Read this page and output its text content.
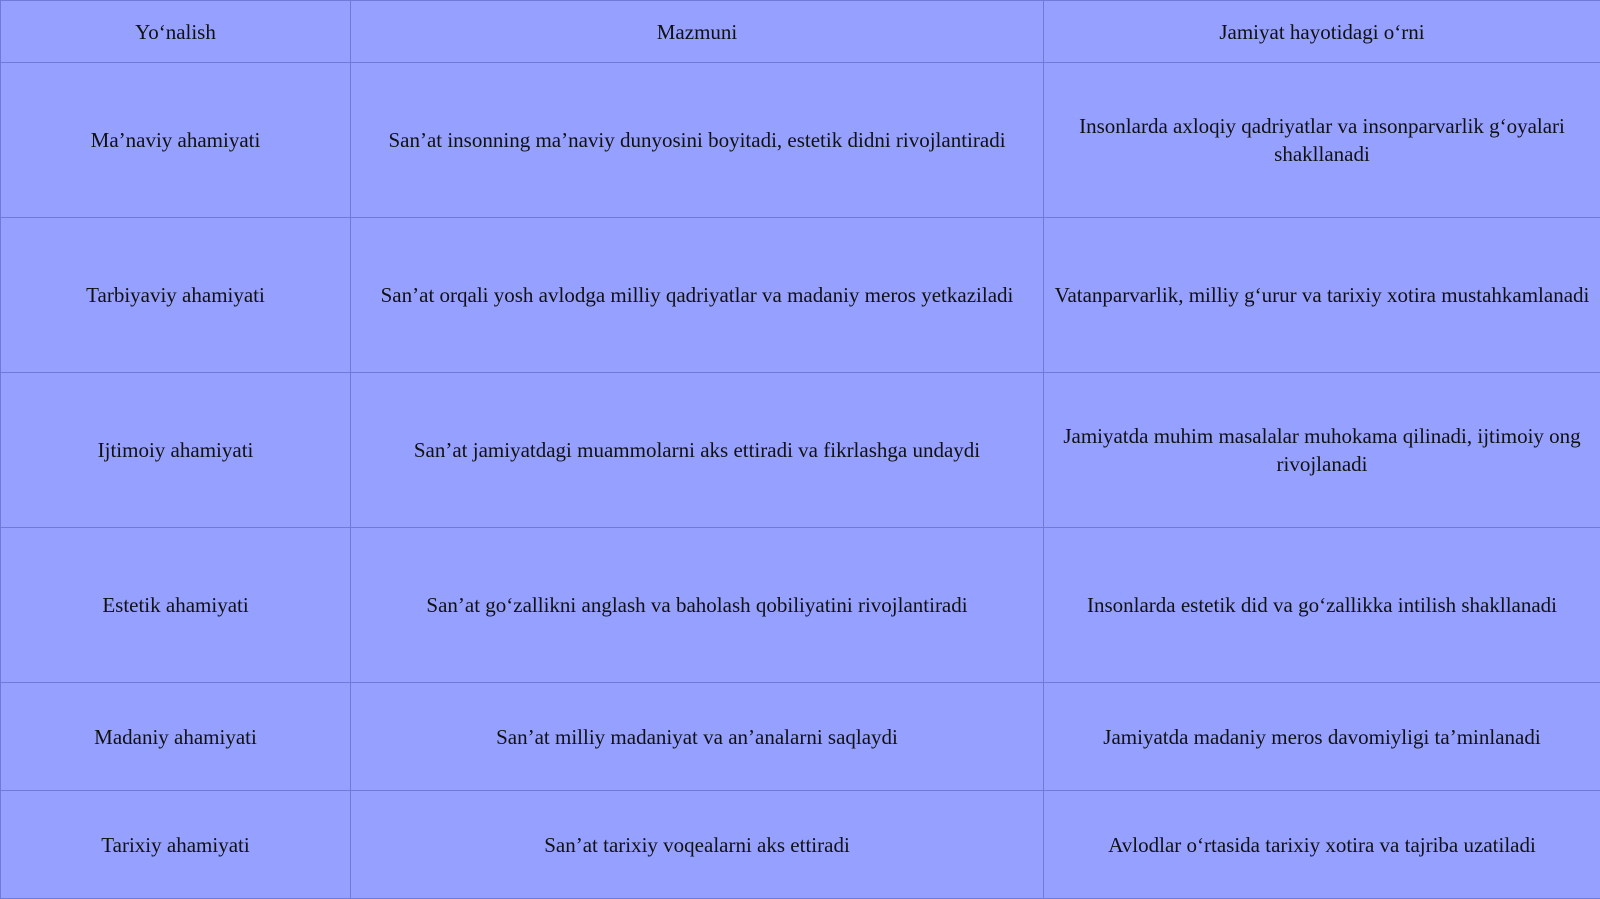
Yo‘nalish	Mazmuni	Jamiyat hayotidagi o‘rni
Ma’naviy ahamiyati	San’at insonning ma’naviy dunyosini boyitadi, estetik didni rivojlantiradi	Insonlarda axloqiy qadriyatlar va insonparvarlik g‘oyalari shakllanadi
Tarbiyaviy ahamiyati	San’at orqali yosh avlodga milliy qadriyatlar va madaniy meros yetkaziladi	Vatanparvarlik, milliy g‘urur va tarixiy xotira mustahkamlanadi
Ijtimoiy ahamiyati	San’at jamiyatdagi muammolarni aks ettiradi va fikrlashga undaydi	Jamiyatda muhim masalalar muhokama qilinadi, ijtimoiy ong rivojlanadi
Estetik ahamiyati	San’at go‘zallikni anglash va baholash qobiliyatini rivojlantiradi	Insonlarda estetik did va go‘zallikka intilish shakllanadi
Madaniy ahamiyati	San’at milliy madaniyat va an’analarni saqlaydi	Jamiyatda madaniy meros davomiyligi ta’minlanadi
Tarixiy ahamiyati	San’at tarixiy voqealarni aks ettiradi	Avlodlar o‘rtasida tarixiy xotira va tajriba uzatiladi
